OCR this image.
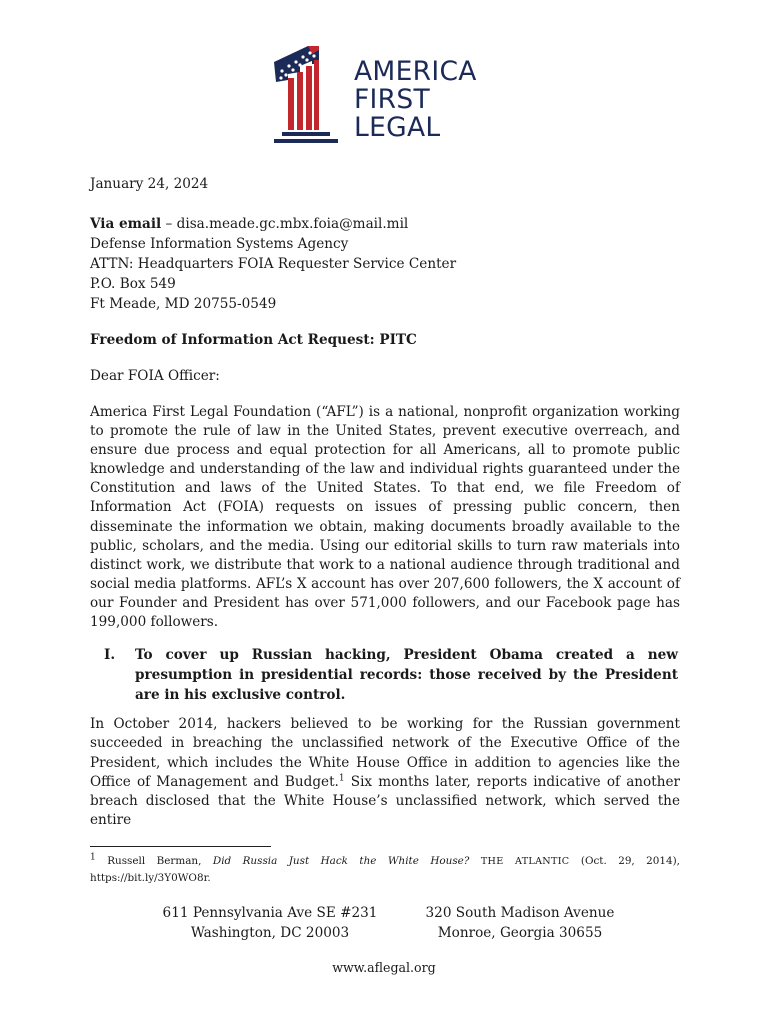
AMERICA
FIRST
LEGAL
January 24, 2024
Via email – disa.meade.gc.mbx.foia@mail.mil
Defense Information Systems Agency
ATTN: Headquarters FOIA Requester Service Center
P.O. Box 549
Ft Meade, MD 20755-0549
Freedom of Information Act Request: PITC
Dear FOIA Officer:

America First Legal Foundation (“AFL”) is a national, nonprofit organization working to promote the rule of law in the United States, prevent executive overreach, and ensure due process and equal protection for all Americans, all to promote public knowledge and understanding of the law and individual rights guaranteed under the Constitution and laws of the United States. To that end, we file Freedom of Information Act (FOIA) requests on issues of pressing public concern, then disseminate the information we obtain, making documents broadly available to the public, scholars, and the media. Using our editorial skills to turn raw materials into distinct work, we distribute that work to a national audience through traditional and social media platforms. AFL’s X account has over 207,600 followers, the X account of our Founder and President has over 571,000 followers, and our Facebook page has 199,000 followers.

I. To cover up Russian hacking, President Obama created a new presumption in presidential records: those received by the President are in his exclusive control.

In October 2014, hackers believed to be working for the Russian government succeeded in breaching the unclassified network of the Executive Office of the President, which includes the White House Office in addition to agencies like the Office of Management and Budget.$^1$ Six months later, reports indicative of another breach disclosed that the White House’s unclassified network, which served the entire

$^1$ Russell Berman, Did Russia Just Hack the White House? THE ATLANTIC (Oct. 29, 2014), https://bit.ly/3Y0WO8r.
611 Pennsylvania Ave SE #231
Washington, DC 20003
320 South Madison Avenue
Monroe, Georgia 30655
www.aflegal.org
